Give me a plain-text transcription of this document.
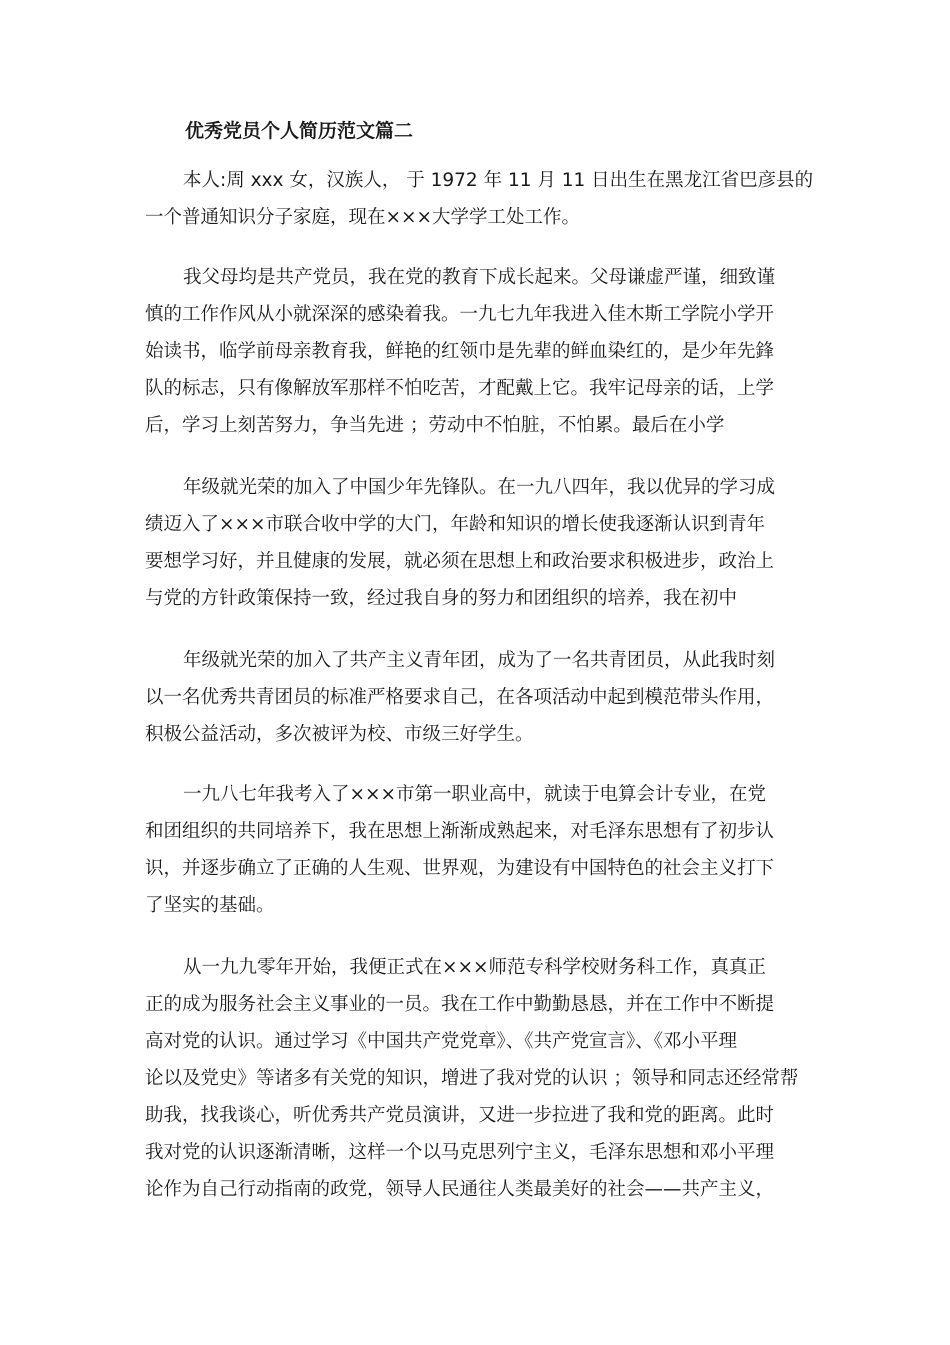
优秀党员个人简历范文篇二
本人:周 xxx 女，汉族人， 于 1972 年 11 月 11 日出生在黑龙江省巴彦县的
一个普通知识分子家庭，现在×××大学学工处工作。
我父母均是共产党员，我在党的教育下成长起来。父母谦虚严谨，细致谨
慎的工作作风从小就深深的感染着我。一九七九年我进入佳木斯工学院小学开
始读书，临学前母亲教育我，鲜艳的红领巾是先辈的鲜血染红的，是少年先鋒
队的标志，只有像解放军那样不怕吃苦，才配戴上它。我牢记母亲的话，上学
后，学习上刻苦努力，争当先进 ；劳动中不怕脏，不怕累。最后在小学
年级就光荣的加入了中国少年先锋队。在一九八四年，我以优异的学习成
绩迈入了×××市联合收中学的大门，年龄和知识的增长使我逐渐认识到青年
要想学习好，并且健康的发展，就必须在思想上和政治要求积极进步，政治上
与党的方针政策保持一致，经过我自身的努力和团组织的培养，我在初中
年级就光荣的加入了共产主义青年团，成为了一名共青团员，从此我时刻
以一名优秀共青团员的标准严格要求自己，在各项活动中起到模范带头作用，
积极公益活动，多次被评为校、市级三好学生。
一九八七年我考入了×××市第一职业高中，就读于电算会计专业，在党
和团组织的共同培养下，我在思想上渐渐成熟起来，对毛泽东思想有了初步认
识，并逐步确立了正确的人生观、世界观，为建设有中国特色的社会主义打下
了坚实的基础。
从一九九零年开始，我便正式在×××师范专科学校财务科工作，真真正
正的成为服务社会主义事业的一员。我在工作中勤勤恳恳，并在工作中不断提
高对党的认识。通过学习《中国共产党党章》、《共产党宣言》、《邓小平理
论以及党史》等诸多有关党的知识，增进了我对党的认识 ；领导和同志还经常帮
助我，找我谈心，听优秀共产党员演讲，又进一步拉进了我和党的距离。此时
我对党的认识逐渐清晰，这样一个以马克思列宁主义，毛泽东思想和邓小平理
论作为自己行动指南的政党，领导人民通往人类最美好的社会——共产主义，
